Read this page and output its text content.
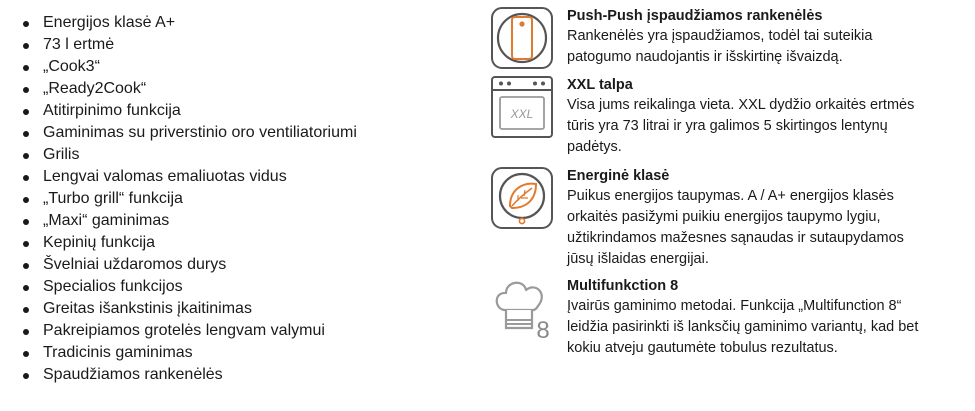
Energijos klasė A+
73 l ertmė
„Cook3“
„Ready2Cook“
Atitirpinimo funkcija
Gaminimas su priverstinio oro ventiliatoriumi
Grilis
Lengvai valomas emaliuotas vidus
„Turbo grill“ funkcija
„Maxi“ gaminimas
Kepinių funkcija
Švelniai uždaromos durys
Specialios funkcijos
Greitas išankstinis įkaitinimas
Pakreipiamos grotelės lengvam valymui
Tradicinis gaminimas
Spaudžiamos rankenėlės
Push-Push įspaudžiamos rankenėlės
Rankenėlės yra įspaudžiamos, todėl tai suteikia
patogumo naudojantis ir išskirtinę išvaizdą.
XXL
XXL talpa
Visa jums reikalinga vieta. XXL dydžio orkaitės ertmės
tūris yra 73 litrai ir yra galimos 5 skirtingos lentynų
padėtys.
Energinė klasė
Puikus energijos taupymas. A / A+ energijos klasės
orkaitės pasižymi puikiu energijos taupymo lygiu,
užtikrindamos mažesnes sąnaudas ir sutaupydamos
jūsų išlaidas energijai.
8
Multifunkction 8
Įvairūs gaminimo metodai. Funkcija „Multifunction 8“
leidžia pasirinkti iš lanksčių gaminimo variantų, kad bet
kokiu atveju gautumėte tobulus rezultatus.
